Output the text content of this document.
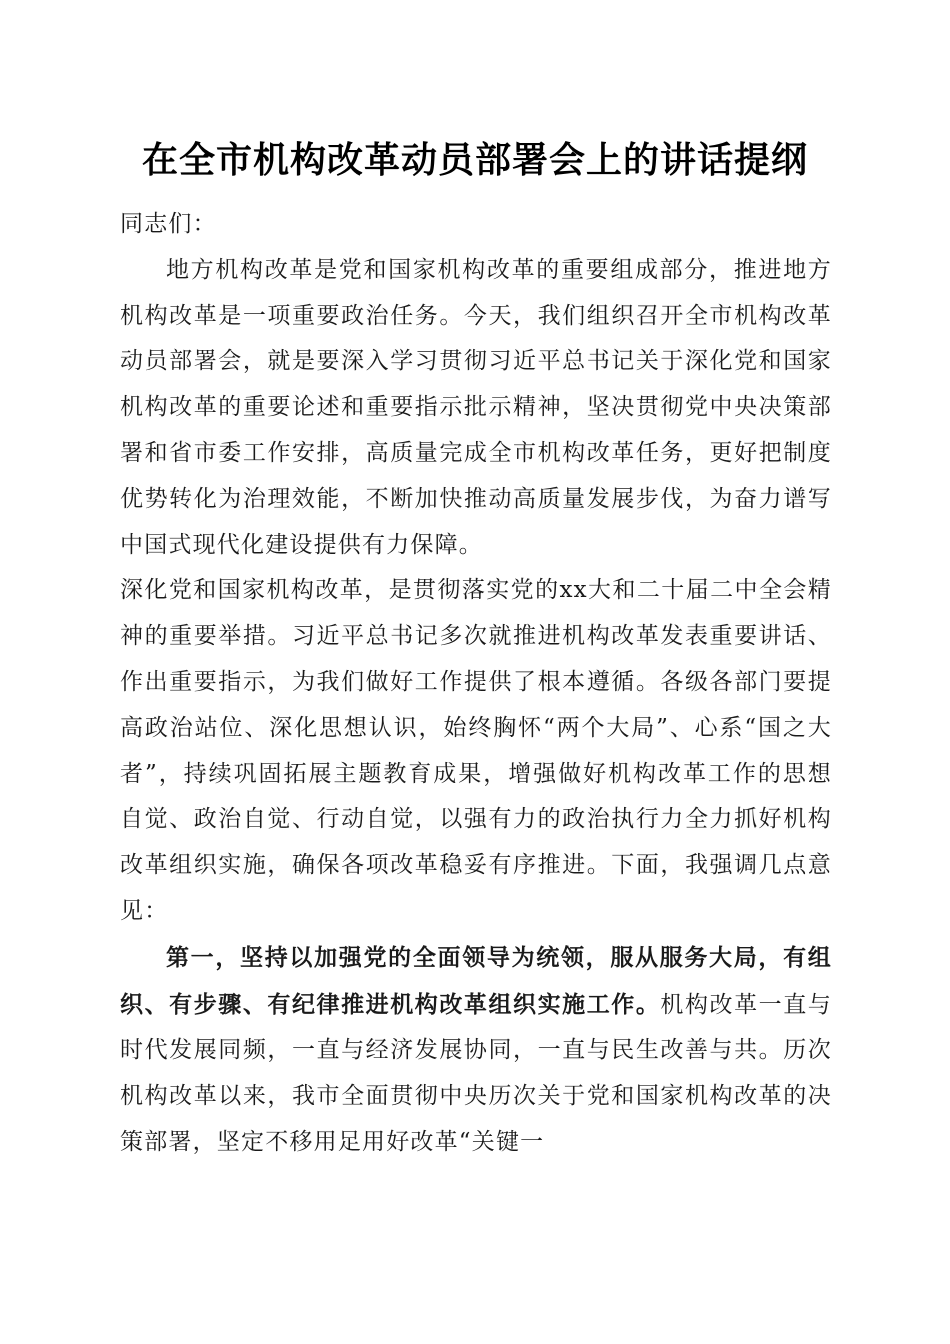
在全市机构改革动员部署会上的讲话提纲

同志们：

地方机构改革是党和国家机构改革的重要组成部分，推进地方机构改革是一项重要政治任务。今天，我们组织召开全市机构改革动员部署会，就是要深入学习贯彻习近平总书记关于深化党和国家机构改革的重要论述和重要指示批示精神，坚决贯彻党中央决策部署和省市委工作安排，高质量完成全市机构改革任务，更好把制度优势转化为治理效能，不断加快推动高质量发展步伐，为奋力谱写中国式现代化建设提供有力保障。

深化党和国家机构改革，是贯彻落实党的xx大和二十届二中全会精神的重要举措。习近平总书记多次就推进机构改革发表重要讲话、作出重要指示，为我们做好工作提供了根本遵循。各级各部门要提高政治站位、深化思想认识，始终胸怀“两个大局”、心系“国之大者”，持续巩固拓展主题教育成果，增强做好机构改革工作的思想自觉、政治自觉、行动自觉，以强有力的政治执行力全力抓好机构改革组织实施，确保各项改革稳妥有序推进。下面，我强调几点意见：

第一，坚持以加强党的全面领导为统领，服从服务大局，有组织、有步骤、有纪律推进机构改革组织实施工作。机构改革一直与时代发展同频，一直与经济发展协同，一直与民生改善与共。历次机构改革以来，我市全面贯彻中央历次关于党和国家机构改革的决策部署，坚定不移用足用好改革“关键一
